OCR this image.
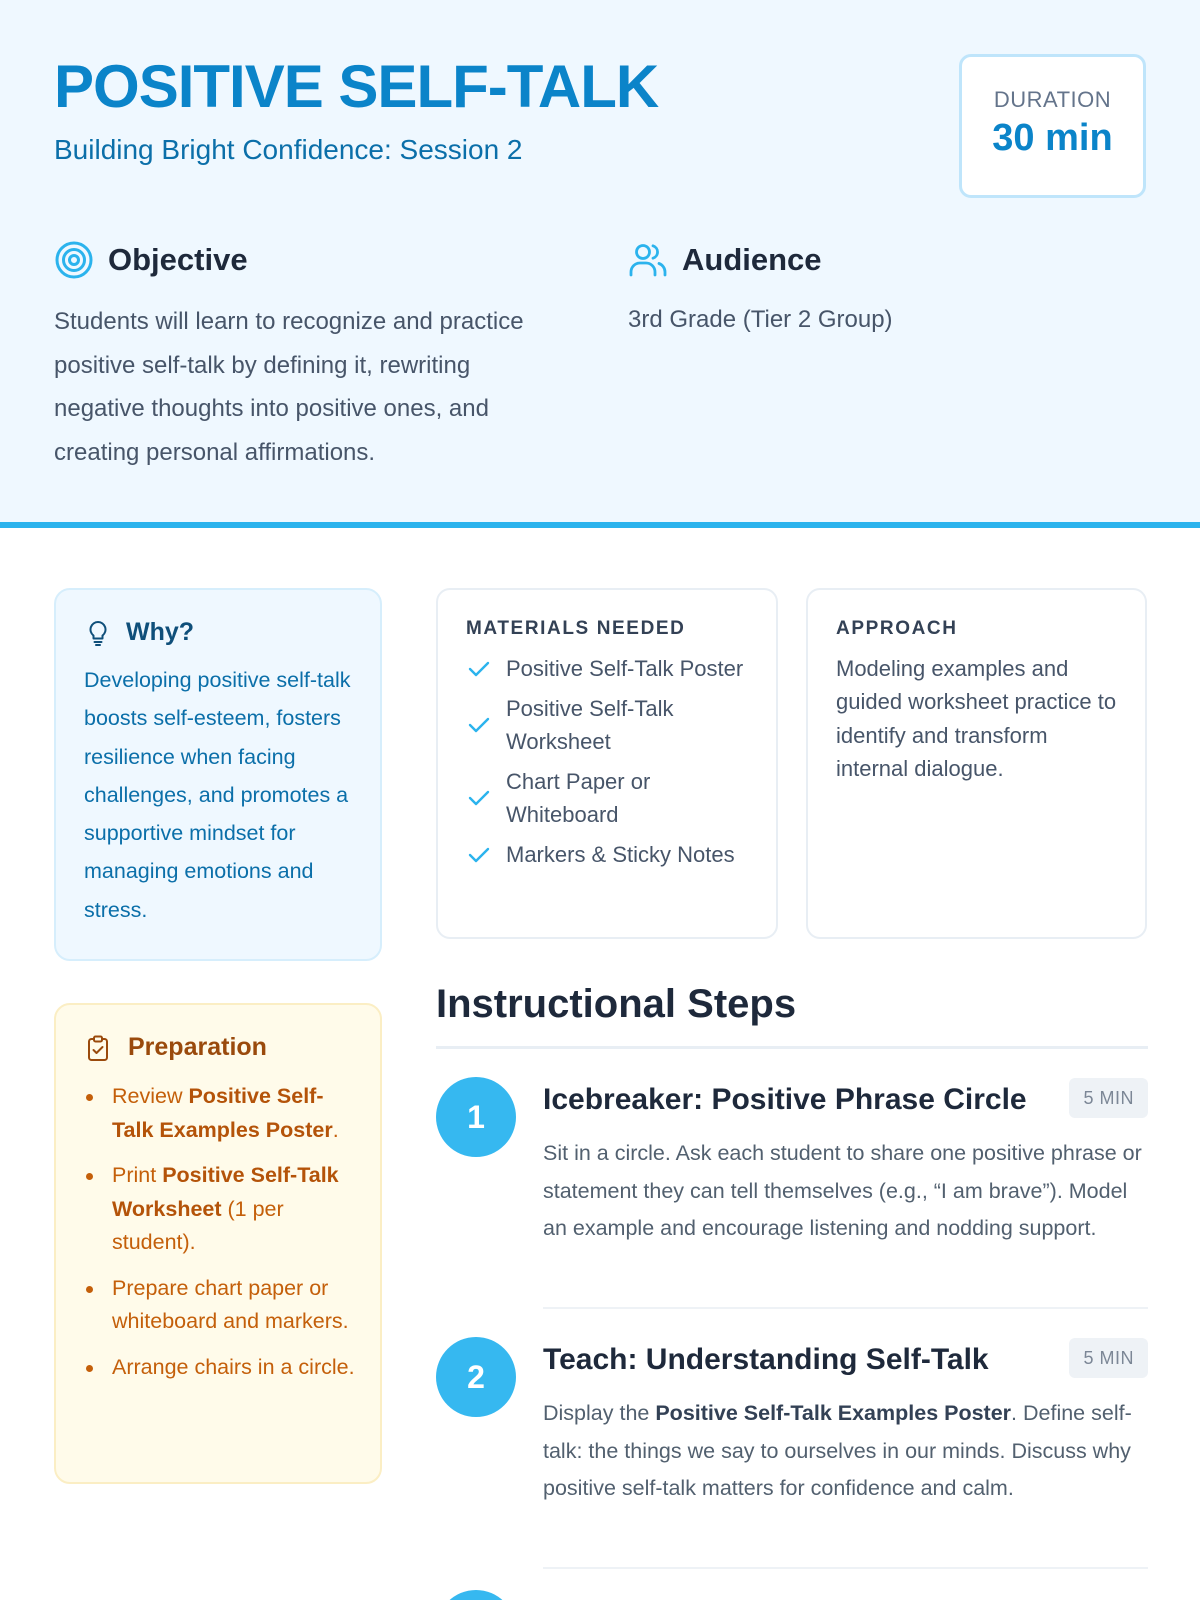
POSITIVE SELF-TALK
Building Bright Confidence: Session 2
DURATION
30 min
Objective

Students will learn to recognize and practice positive self-talk by defining it, rewriting negative thoughts into positive ones, and creating personal affirmations.

Audience

3rd Grade (Tier 2 Group)

Why?

Developing positive self-talk boosts self-esteem, fosters resilience when facing challenges, and promotes a supportive mindset for managing emotions and stress.

Preparation
Review Positive Self-Talk Examples Poster.
Print Positive Self-Talk Worksheet (1 per student).
Prepare chart paper or whiteboard and markers.
Arrange chairs in a circle.
MATERIALS NEEDED
Positive Self-Talk Poster
Positive Self-Talk Worksheet
Chart Paper or Whiteboard
Markers & Sticky Notes
APPROACH

Modeling examples and guided worksheet practice to identify and transform internal dialogue.

Instructional Steps
1	Icebreaker: Positive Phrase Circle	5 MIN

Sit in a circle. Ask each student to share one positive phrase or statement they can tell themselves (e.g., “I am brave”). Model an example and encourage listening and nodding support.

2	Teach: Understanding Self-Talk	5 MIN

Display the Positive Self-Talk Examples Poster. Define self-talk: the things we say to ourselves in our minds. Discuss why positive self-talk matters for confidence and calm.
